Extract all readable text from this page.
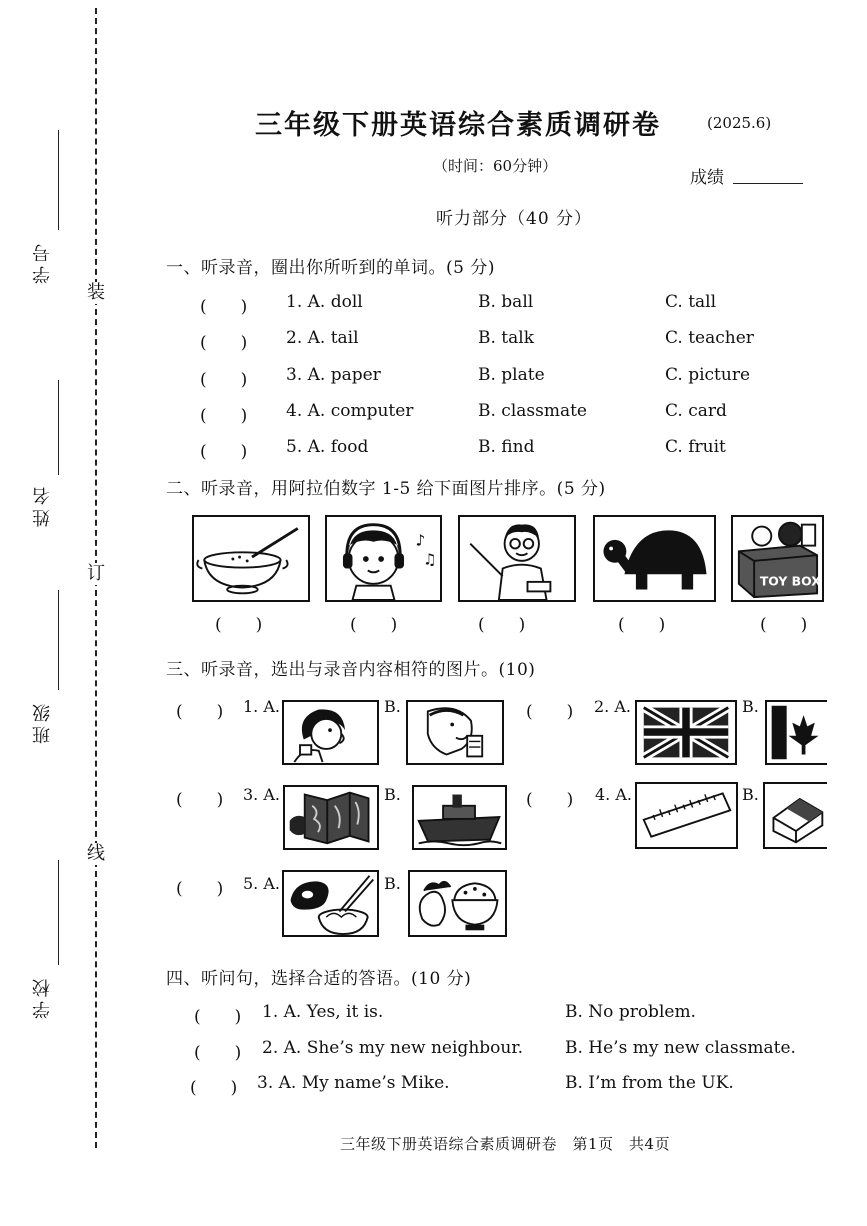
装
订
线
学号
姓名
班级
学校
三年级下册英语综合素质调研卷	(2025.6)
（时间：60分钟）
成绩
听力部分（40 分）
一、听录音，圈出你所听到的单词。(5 分)
(　　) 1. A. doll	B. ball	C. tall
(　　) 2. A. tail	B. talk	C. teacher
(　　) 3. A. paper	B. plate	C. picture
(　　) 4. A. computer	B. classmate	C. card
(　　) 5. A. food	B. find	C. fruit
二、听录音，用阿拉伯数字 1-5 给下面图片排序。(5 分)
♪
♫
TOY BOX
(　　)	(　　)	(　　)	(　　)	(　　)
三、听录音，选出与录音内容相符的图片。(10)
(　　) 1. A.	B.	(　　) 2. A.	B.
(　　) 3. A.	B.	(　　) 4. A.	B.
(　　) 5. A.	B.
四、听问句，选择合适的答语。(10 分)
(　　) 1. A. Yes, it is.	B. No problem.
(　　) 2. A. She’s my new neighbour. B. He’s my new classmate.
(　　) 3. A. My name’s Mike.	B. I’m from the UK.
三年级下册英语综合素质调研卷　第1页　共4页
